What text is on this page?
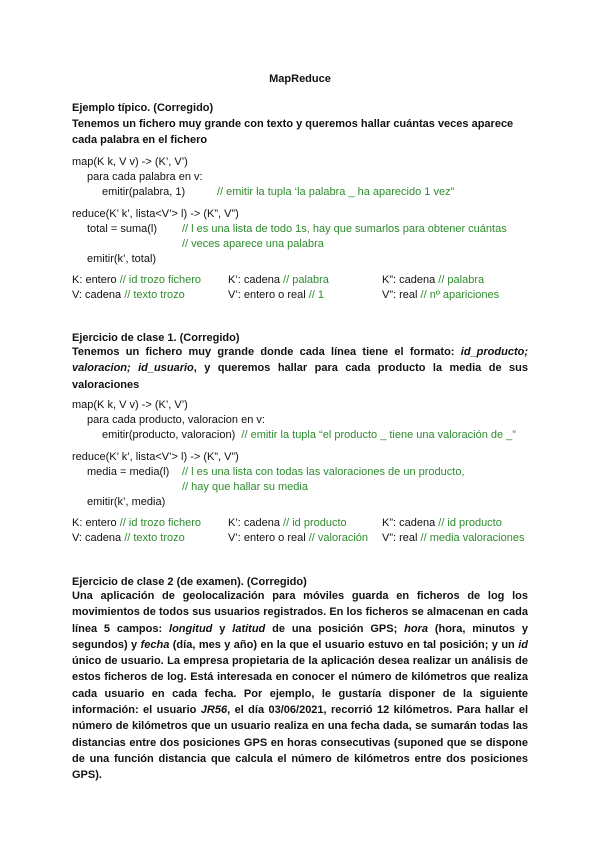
MapReduce
Ejemplo típico. (Corregido)
Tenemos un fichero muy grande con texto y queremos hallar cuántas veces aparece
cada palabra en el fichero
map(K k, V v) -> (K’, V’)
para cada palabra en v:
emitir(palabra, 1)	// emitir la tupla ‘la palabra _ ha aparecido 1 vez”
reduce(K’ k’, lista<V’> l) -> (K”, V”)
total = suma(l) // l es una lista de todo 1s, hay que sumarlos para obtener cuántas
// veces aparece una palabra
emitir(k’, total)
K: entero // id trozo fichero
V: cadena // texto trozo
K’: cadena // palabra
V’: entero o real // 1
K”: cadena // palabra
V”: real // nº apariciones
Ejercicio de clase 1. (Corregido)
Tenemos un fichero muy grande donde cada línea tiene el formato: id_producto;
valoracion; id_usuario, y queremos hallar para cada producto la media de sus
valoraciones
map(K k, V v) -> (K’, V’)
para cada producto, valoracion en v:
emitir(producto, valoracion) // emitir la tupla “el producto _ tiene una valoración de _”
reduce(K’ k’, lista<V’> l) -> (K”, V”)
media = media(l) // l es una lista con todas las valoraciones de un producto,
// hay que hallar su media
emitir(k’, media)
K: entero // id trozo fichero
V: cadena // texto trozo
K’: cadena // id producto
V’: entero o real // valoración
K”: cadena // id producto
V”: real // media valoraciones
Ejercicio de clase 2 (de examen). (Corregido)
Una aplicación de geolocalización para móviles guarda en ficheros de log los movimientos de todos sus usuarios registrados. En los ficheros se almacenan en cada línea 5 campos: longitud y latitud de una posición GPS; hora (hora, minutos y segundos) y fecha (día, mes y año) en la que el usuario estuvo en tal posición; y un id único de usuario. La empresa propietaria de la aplicación desea realizar un análisis de estos ficheros de log. Está interesada en conocer el número de kilómetros que realiza cada usuario en cada fecha. Por ejemplo, le gustaría disponer de la siguiente información: el usuario JR56, el día 03/06/2021, recorrió 12 kilómetros. Para hallar el número de kilómetros que un usuario realiza en una fecha dada, se sumarán todas las distancias entre dos posiciones GPS en horas consecutivas (suponed que se dispone de una función distancia que calcula el número de kilómetros entre dos posiciones GPS).
